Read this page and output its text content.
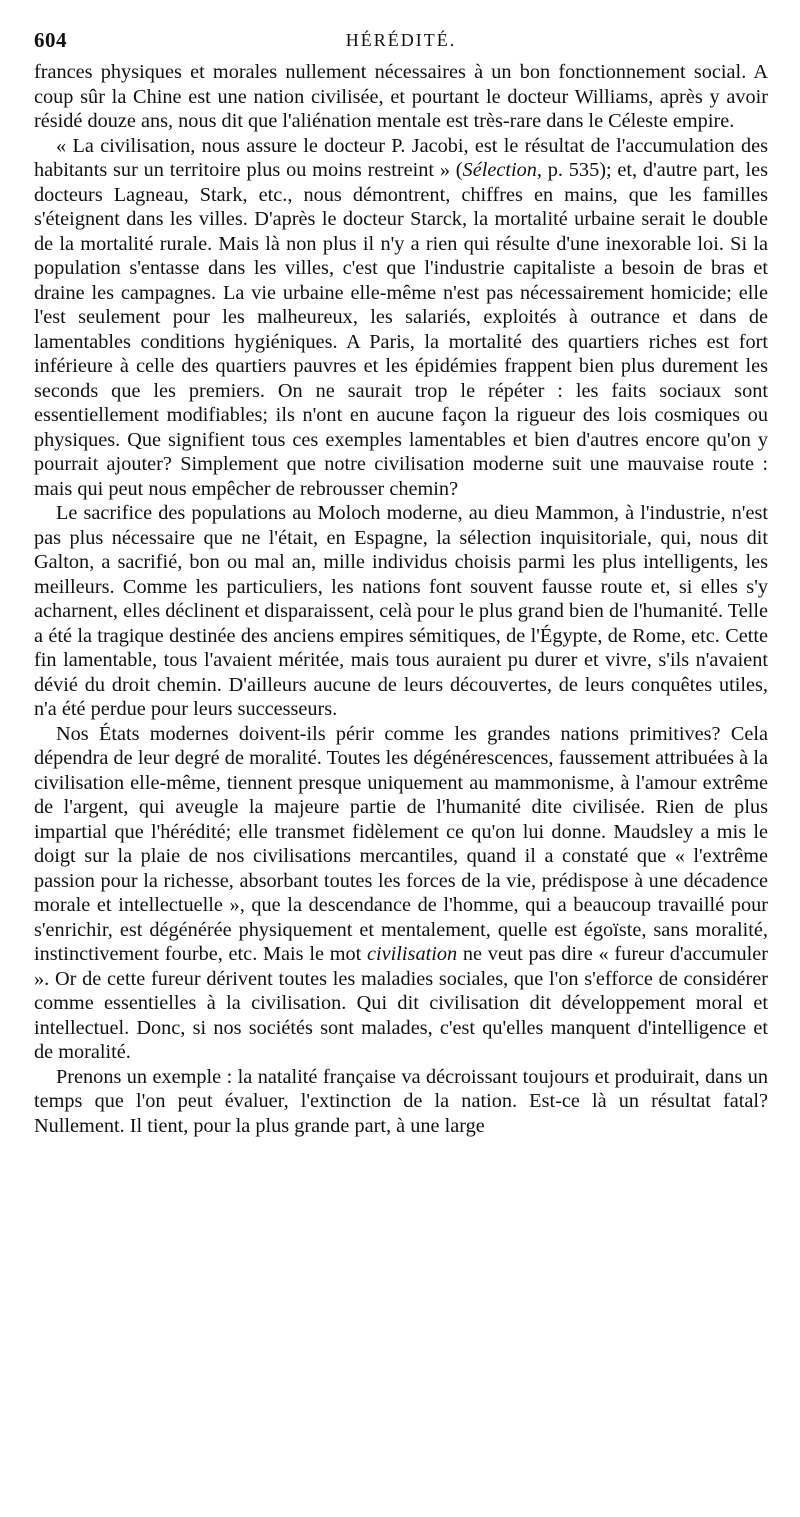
604	HÉRÉDITÉ.

frances physiques et morales nullement nécessaires à un bon fonctionnement social. A coup sûr la Chine est une nation civilisée, et pourtant le docteur Williams, après y avoir résidé douze ans, nous dit que l'aliénation mentale est très-rare dans le Céleste empire.

« La civilisation, nous assure le docteur P. Jacobi, est le résultat de l'accumulation des habitants sur un territoire plus ou moins restreint » (Sélection, p. 535); et, d'autre part, les docteurs Lagneau, Stark, etc., nous démontrent, chiffres en mains, que les familles s'éteignent dans les villes. D'après le docteur Starck, la mortalité urbaine serait le double de la mortalité rurale. Mais là non plus il n'y a rien qui résulte d'une inexorable loi. Si la population s'entasse dans les villes, c'est que l'industrie capitaliste a besoin de bras et draine les campagnes. La vie urbaine elle-même n'est pas nécessairement homicide; elle l'est seulement pour les malheureux, les salariés, exploités à outrance et dans de lamentables conditions hygiéniques. A Paris, la mortalité des quartiers riches est fort inférieure à celle des quartiers pauvres et les épidémies frappent bien plus durement les seconds que les premiers. On ne saurait trop le répéter : les faits sociaux sont essentiellement modifiables; ils n'ont en aucune façon la rigueur des lois cosmiques ou physiques. Que signifient tous ces exemples lamentables et bien d'autres encore qu'on y pourrait ajouter? Simplement que notre civilisation moderne suit une mauvaise route : mais qui peut nous empêcher de rebrousser chemin?

Le sacrifice des populations au Moloch moderne, au dieu Mammon, à l'industrie, n'est pas plus nécessaire que ne l'était, en Espagne, la sélection inquisitoriale, qui, nous dit Galton, a sacrifié, bon ou mal an, mille individus choisis parmi les plus intelligents, les meilleurs. Comme les particuliers, les nations font souvent fausse route et, si elles s'y acharnent, elles déclinent et disparaissent, celà pour le plus grand bien de l'humanité. Telle a été la tragique destinée des anciens empires sémitiques, de l'Égypte, de Rome, etc. Cette fin lamentable, tous l'avaient méritée, mais tous auraient pu durer et vivre, s'ils n'avaient dévié du droit chemin. D'ailleurs aucune de leurs découvertes, de leurs conquêtes utiles, n'a été perdue pour leurs successeurs.

Nos États modernes doivent-ils périr comme les grandes nations primitives? Cela dépendra de leur degré de moralité. Toutes les dégénérescences, faussement attribuées à la civilisation elle-même, tiennent presque uniquement au mammonisme, à l'amour extrême de l'argent, qui aveugle la majeure partie de l'humanité dite civilisée. Rien de plus impartial que l'hérédité; elle transmet fidèlement ce qu'on lui donne. Maudsley a mis le doigt sur la plaie de nos civilisations mercantiles, quand il a constaté que « l'extrême passion pour la richesse, absorbant toutes les forces de la vie, prédispose à une décadence morale et intellectuelle », que la descendance de l'homme, qui a beaucoup travaillé pour s'enrichir, est dégénérée physiquement et mentalement, quelle est égoïste, sans moralité, instinctivement fourbe, etc. Mais le mot civilisation ne veut pas dire « fureur d'accumuler ». Or de cette fureur dérivent toutes les maladies sociales, que l'on s'efforce de considérer comme essentielles à la civilisation. Qui dit civilisation dit développement moral et intellectuel. Donc, si nos sociétés sont malades, c'est qu'elles manquent d'intelligence et de moralité.

Prenons un exemple : la natalité française va décroissant toujours et produirait, dans un temps que l'on peut évaluer, l'extinction de la nation. Est-ce là un résultat fatal? Nullement. Il tient, pour la plus grande part, à une large
